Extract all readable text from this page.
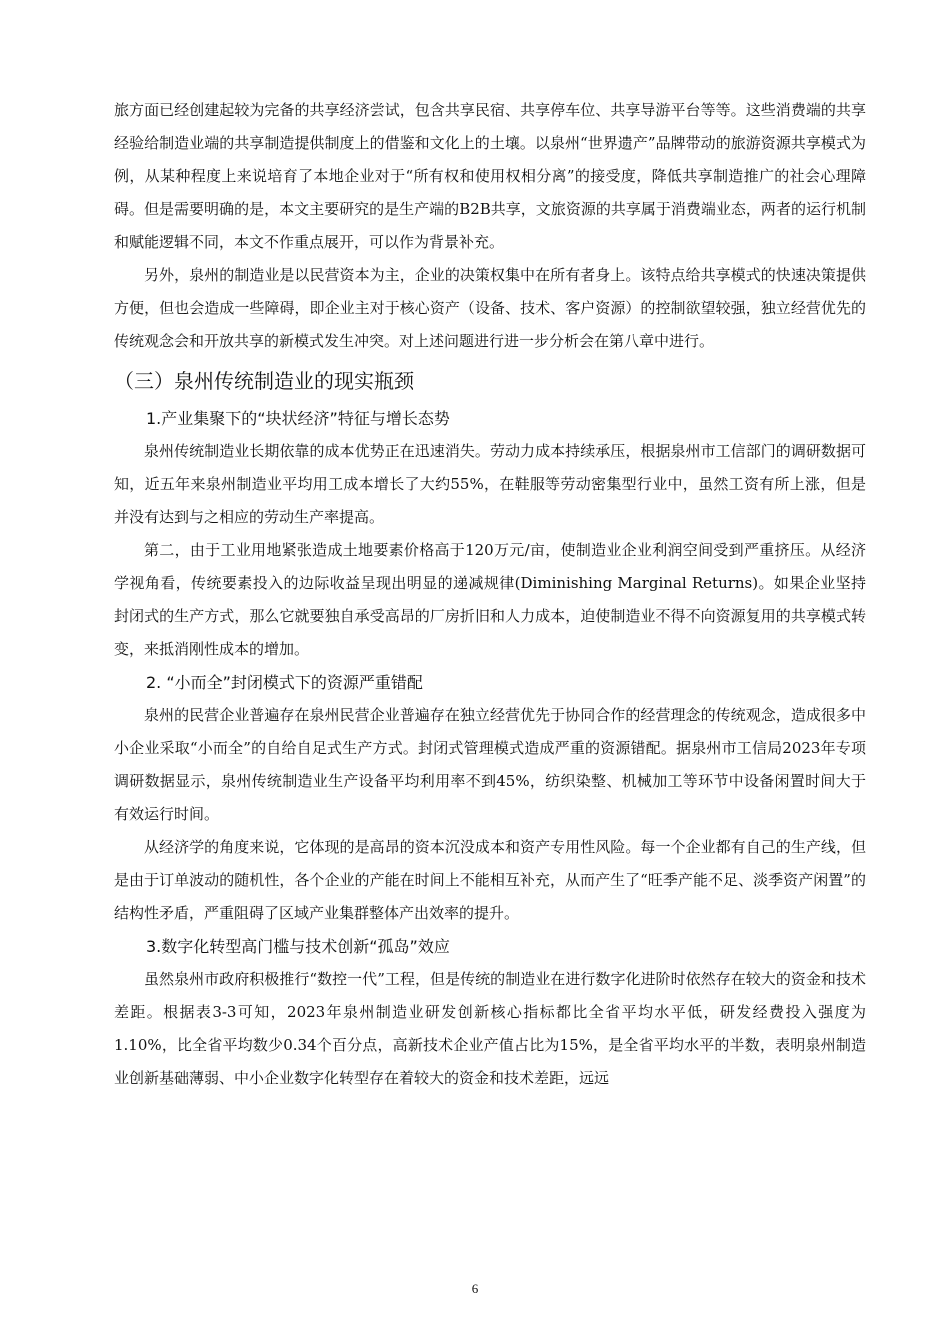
旅方面已经创建起较为完备的共享经济尝试，包含共享民宿、共享停车位、共享导游平台等等。这些消费端的共享经验给制造业端的共享制造提供制度上的借鉴和文化上的土壤。以泉州“世界遗产”品牌带动的旅游资源共享模式为例，从某种程度上来说培育了本地企业对于“所有权和使用权相分离”的接受度，降低共享制造推广的社会心理障碍。但是需要明确的是，本文主要研究的是生产端的B2B共享，文旅资源的共享属于消费端业态，两者的运行机制和赋能逻辑不同，本文不作重点展开，可以作为背景补充。

另外，泉州的制造业是以民营资本为主，企业的决策权集中在所有者身上。该特点给共享模式的快速决策提供方便，但也会造成一些障碍，即企业主对于核心资产（设备、技术、客户资源）的控制欲望较强，独立经营优先的传统观念会和开放共享的新模式发生冲突。对上述问题进行进一步分析会在第八章中进行。

（三）泉州传统制造业的现实瓶颈
1.产业集聚下的“块状经济”特征与增长态势

泉州传统制造业长期依靠的成本优势正在迅速消失。劳动力成本持续承压，根据泉州市工信部门的调研数据可知，近五年来泉州制造业平均用工成本增长了大约55%，在鞋服等劳动密集型行业中，虽然工资有所上涨，但是并没有达到与之相应的劳动生产率提高。

第二，由于工业用地紧张造成土地要素价格高于120万元/亩，使制造业企业利润空间受到严重挤压。从经济学视角看，传统要素投入的边际收益呈现出明显的递减规律(Diminishing Marginal Returns)。如果企业坚持封闭式的生产方式，那么它就要独自承受高昂的厂房折旧和人力成本，迫使制造业不得不向资源复用的共享模式转变，来抵消刚性成本的增加。

2. “小而全”封闭模式下的资源严重错配

泉州的民营企业普遍存在泉州民营企业普遍存在独立经营优先于协同合作的经营理念的传统观念，造成很多中小企业采取“小而全”的自给自足式生产方式。封闭式管理模式造成严重的资源错配。据泉州市工信局2023年专项调研数据显示，泉州传统制造业生产设备平均利用率不到45%，纺织染整、机械加工等环节中设备闲置时间大于有效运行时间。

从经济学的角度来说，它体现的是高昂的资本沉没成本和资产专用性风险。每一个企业都有自己的生产线，但是由于订单波动的随机性，各个企业的产能在时间上不能相互补充，从而产生了“旺季产能不足、淡季资产闲置”的结构性矛盾，严重阻碍了区域产业集群整体产出效率的提升。

3.数字化转型高门槛与技术创新“孤岛”效应

虽然泉州市政府积极推行“数控一代”工程，但是传统的制造业在进行数字化进阶时依然存在较大的资金和技术差距。根据表3-3可知，2023年泉州制造业研发创新核心指标都比全省平均水平低，研发经费投入强度为1.10%，比全省平均数少0.34个百分点，高新技术企业产值占比为15%，是全省平均水平的半数，表明泉州制造业创新基础薄弱、中小企业数字化转型存在着较大的资金和技术差距，远远

6
